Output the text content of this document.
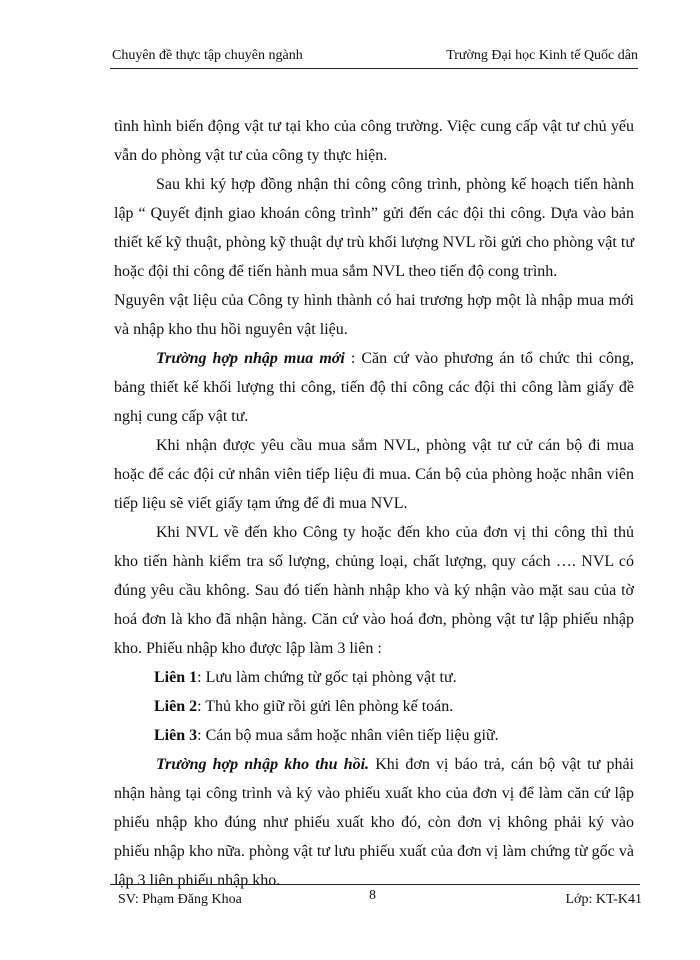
Chuyên đề thực tập chuyên ngành	Trường Đại học Kinh tế Quốc dân

tình hình biến động vật tư tại kho của công trường. Việc cung cấp vật tư chủ yếu vẫn do phòng vật tư của công ty thực hiện.

Sau khi ký hợp đồng nhận thi công công trình, phòng kế hoạch tiến hành lập “ Quyết định giao khoán công trình” gửi đến các đội thi công. Dựa vào bản thiết kế kỹ thuật, phòng kỹ thuật dự trù khối lượng NVL rồi gửi cho phòng vật tư hoặc đội thi công để tiến hành mua sắm NVL theo tiến độ cong trình.

Nguyên vật liệu của Công ty hình thành có hai trương hợp một là nhập mua mới và nhập kho thu hồi nguyên vật liệu.

Trường hợp nhập mua mới : Căn cứ vào phương án tổ chức thi công, bảng thiết kế khối lượng thi công, tiến độ thi công các đội thi công làm giấy đề nghị cung cấp vật tư.

Khi nhận được yêu cầu mua sắm NVL, phòng vật tư cử cán bộ đi mua hoặc để các đội cử nhân viên tiếp liệu đi mua. Cán bộ của phòng hoặc nhân viên tiếp liệu sẽ viết giấy tạm ứng để đi mua NVL.

Khi NVL về đến kho Công ty hoặc đến kho của đơn vị thi công thì thủ kho tiến hành kiểm tra số lượng, chủng loại, chất lượng, quy cách …. NVL có đúng yêu cầu không. Sau đó tiến hành nhập kho và ký nhận vào mặt sau của tờ hoá đơn là kho đã nhận hàng. Căn cứ vào hoá đơn, phòng vật tư lập phiếu nhập kho. Phiếu nhập kho được lập làm 3 liên :

Liên 1: Lưu làm chứng từ gốc tại phòng vật tư.

Liên 2: Thủ kho giữ rồi gửi lên phòng kế toán.

Liên 3: Cán bộ mua sắm hoặc nhân viên tiếp liệu giữ.

Trường hợp nhập kho thu hồi. Khi đơn vị báo trả, cán bộ vật tư phải nhận hàng tại công trình và ký vào phiếu xuất kho của đơn vị để làm căn cứ lập phiếu nhập kho đúng như phiếu xuất kho đó, còn đơn vị không phải ký vào phiếu nhập kho nữa. phòng vật tư lưu phiếu xuất của đơn vị làm chứng từ gốc và lập 3 liên phiếu nhập kho.

SV: Phạm Đăng Khoa	8	Lớp: KT-K41
